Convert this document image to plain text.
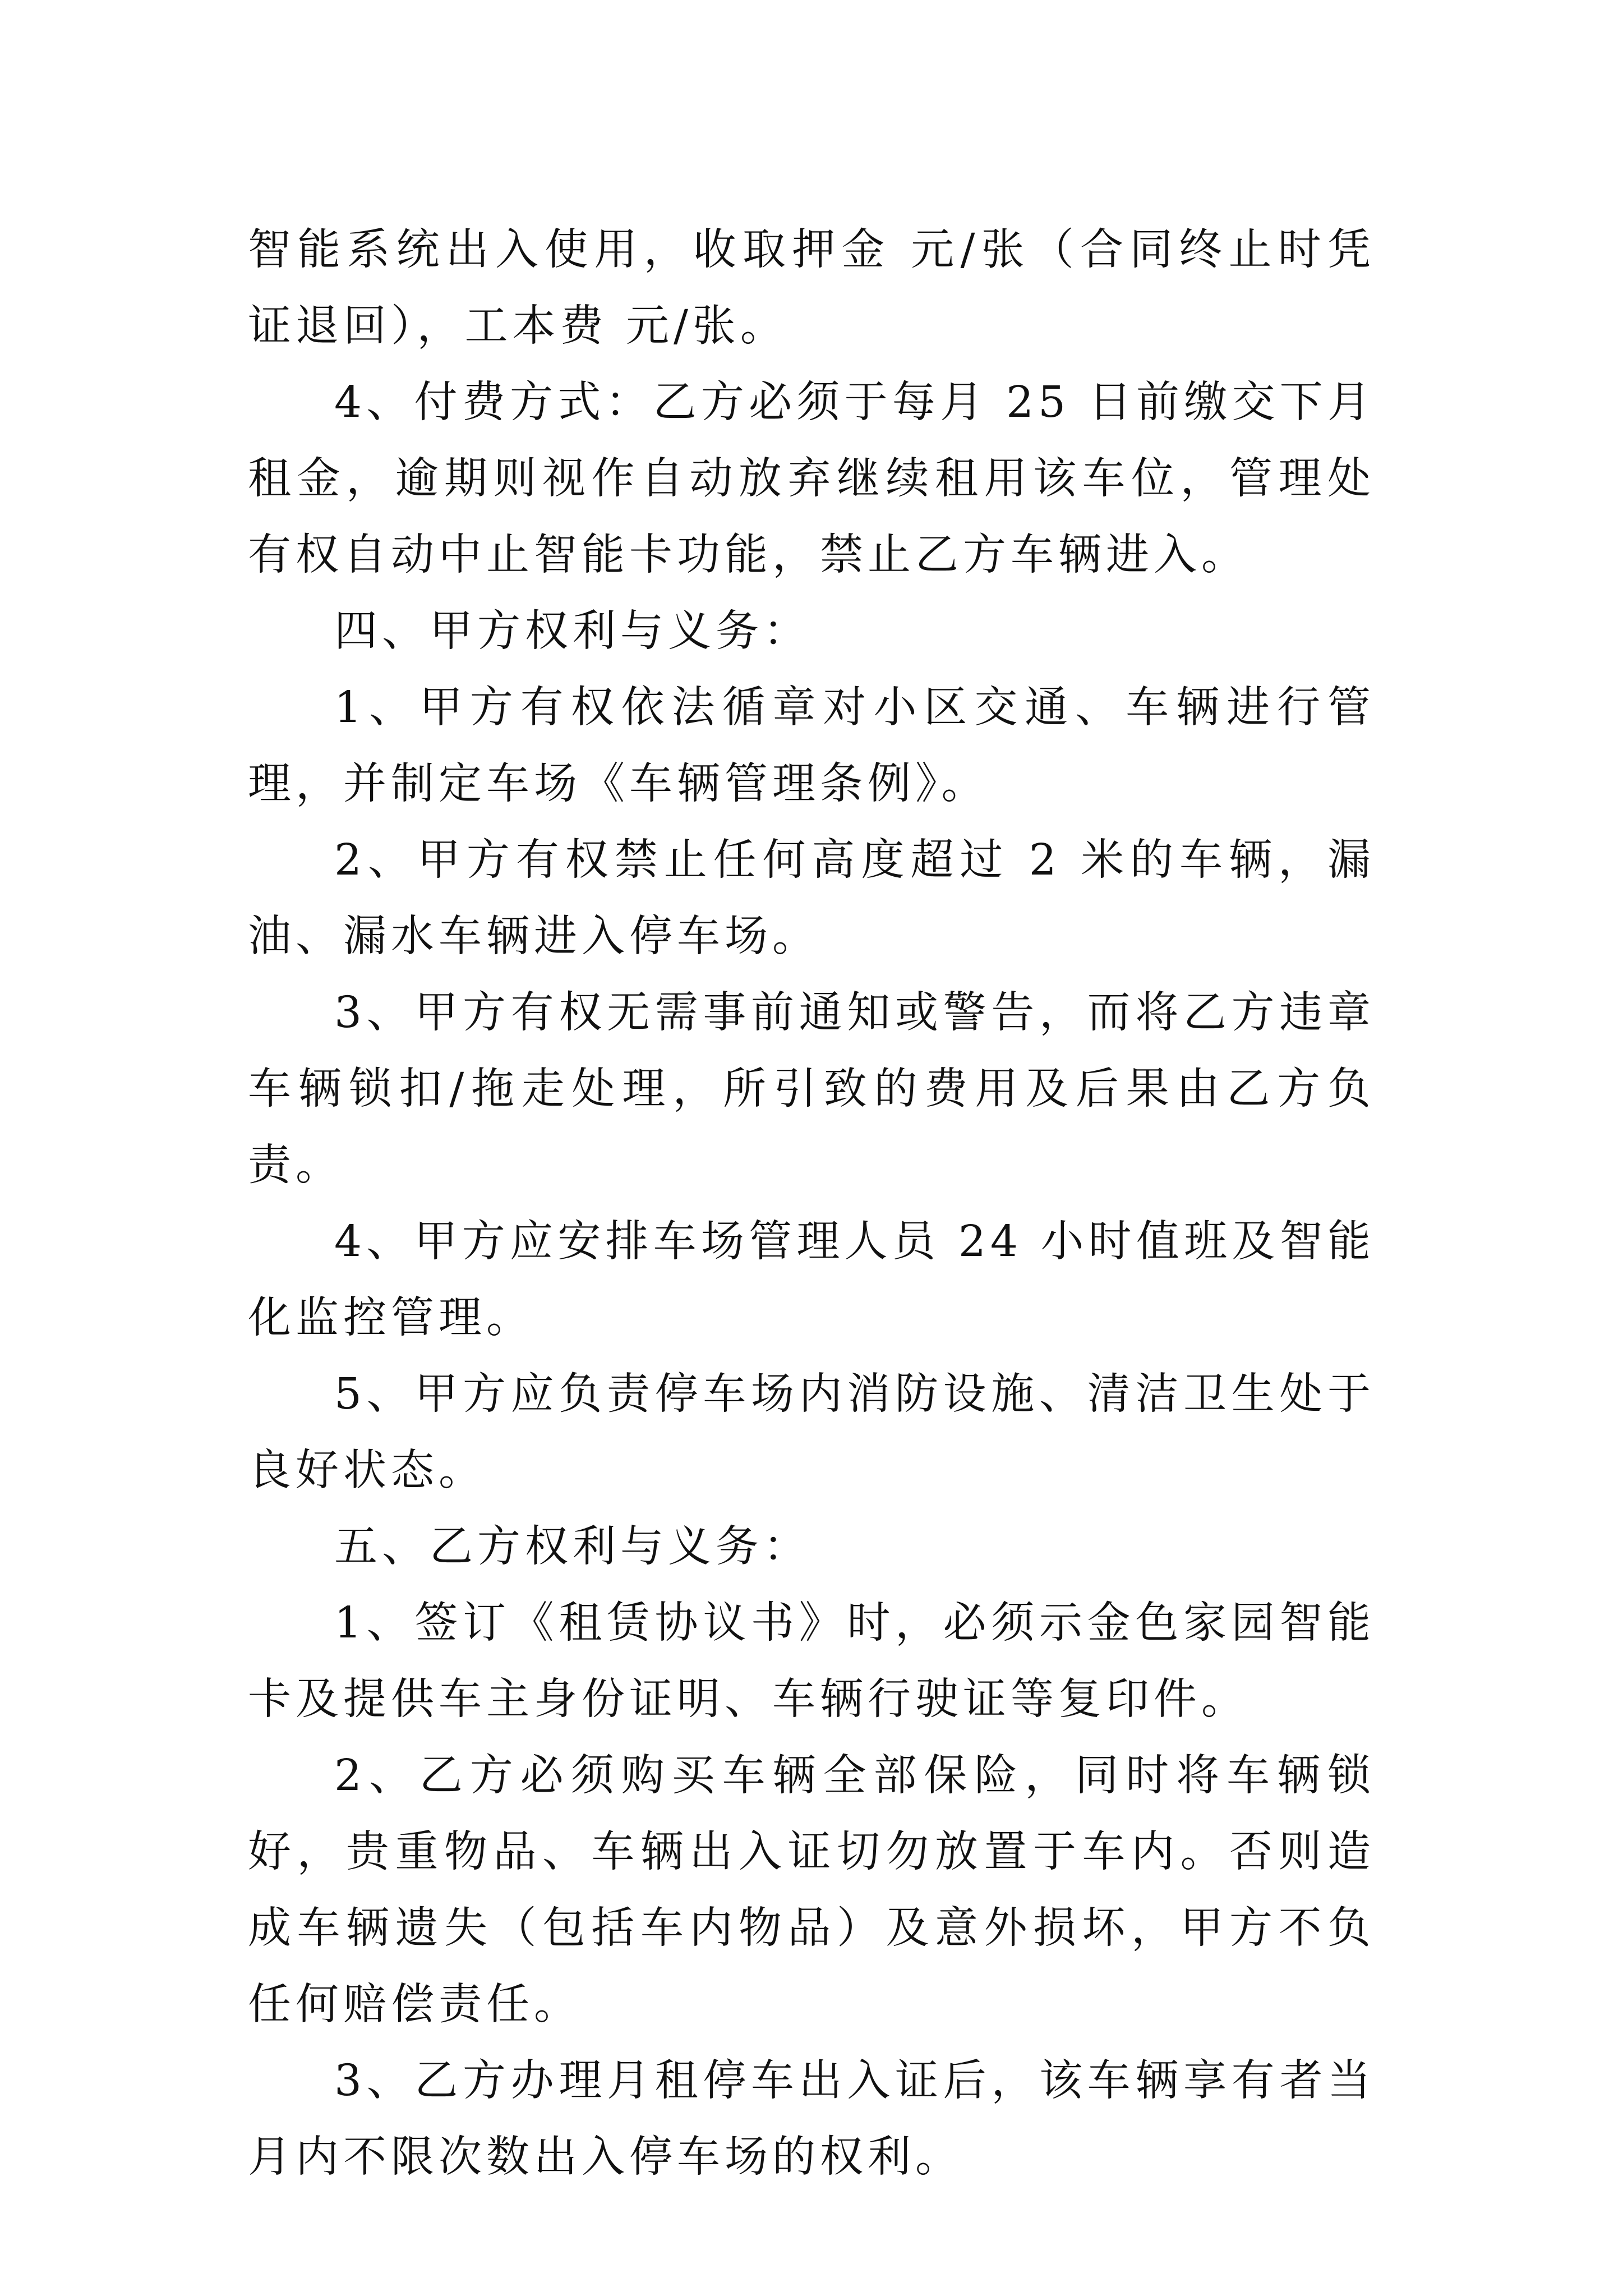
智能系统出入使用，收取押金 元/张（合同终止时凭证退回），工本费 元/张。

4、付费方式：乙方必须于每月 25 日前缴交下月租金，逾期则视作自动放弃继续租用该车位，管理处有权自动中止智能卡功能，禁止乙方车辆进入。

四、甲方权利与义务：

1、甲方有权依法循章对小区交通、车辆进行管理，并制定车场《车辆管理条例》。

2、甲方有权禁止任何高度超过 2 米的车辆，漏油、漏水车辆进入停车场。

3、甲方有权无需事前通知或警告，而将乙方违章车辆锁扣/拖走处理，所引致的费用及后果由乙方负责。

4、甲方应安排车场管理人员 24 小时值班及智能化监控管理。

5、甲方应负责停车场内消防设施、清洁卫生处于良好状态。

五、乙方权利与义务：

1、签订《租赁协议书》时，必须示金色家园智能卡及提供车主身份证明、车辆行驶证等复印件。

2、乙方必须购买车辆全部保险，同时将车辆锁好，贵重物品、车辆出入证切勿放置于车内。否则造成车辆遗失（包括车内物品）及意外损坏，甲方不负任何赔偿责任。

3、乙方办理月租停车出入证后，该车辆享有者当月内不限次数出入停车场的权利。
